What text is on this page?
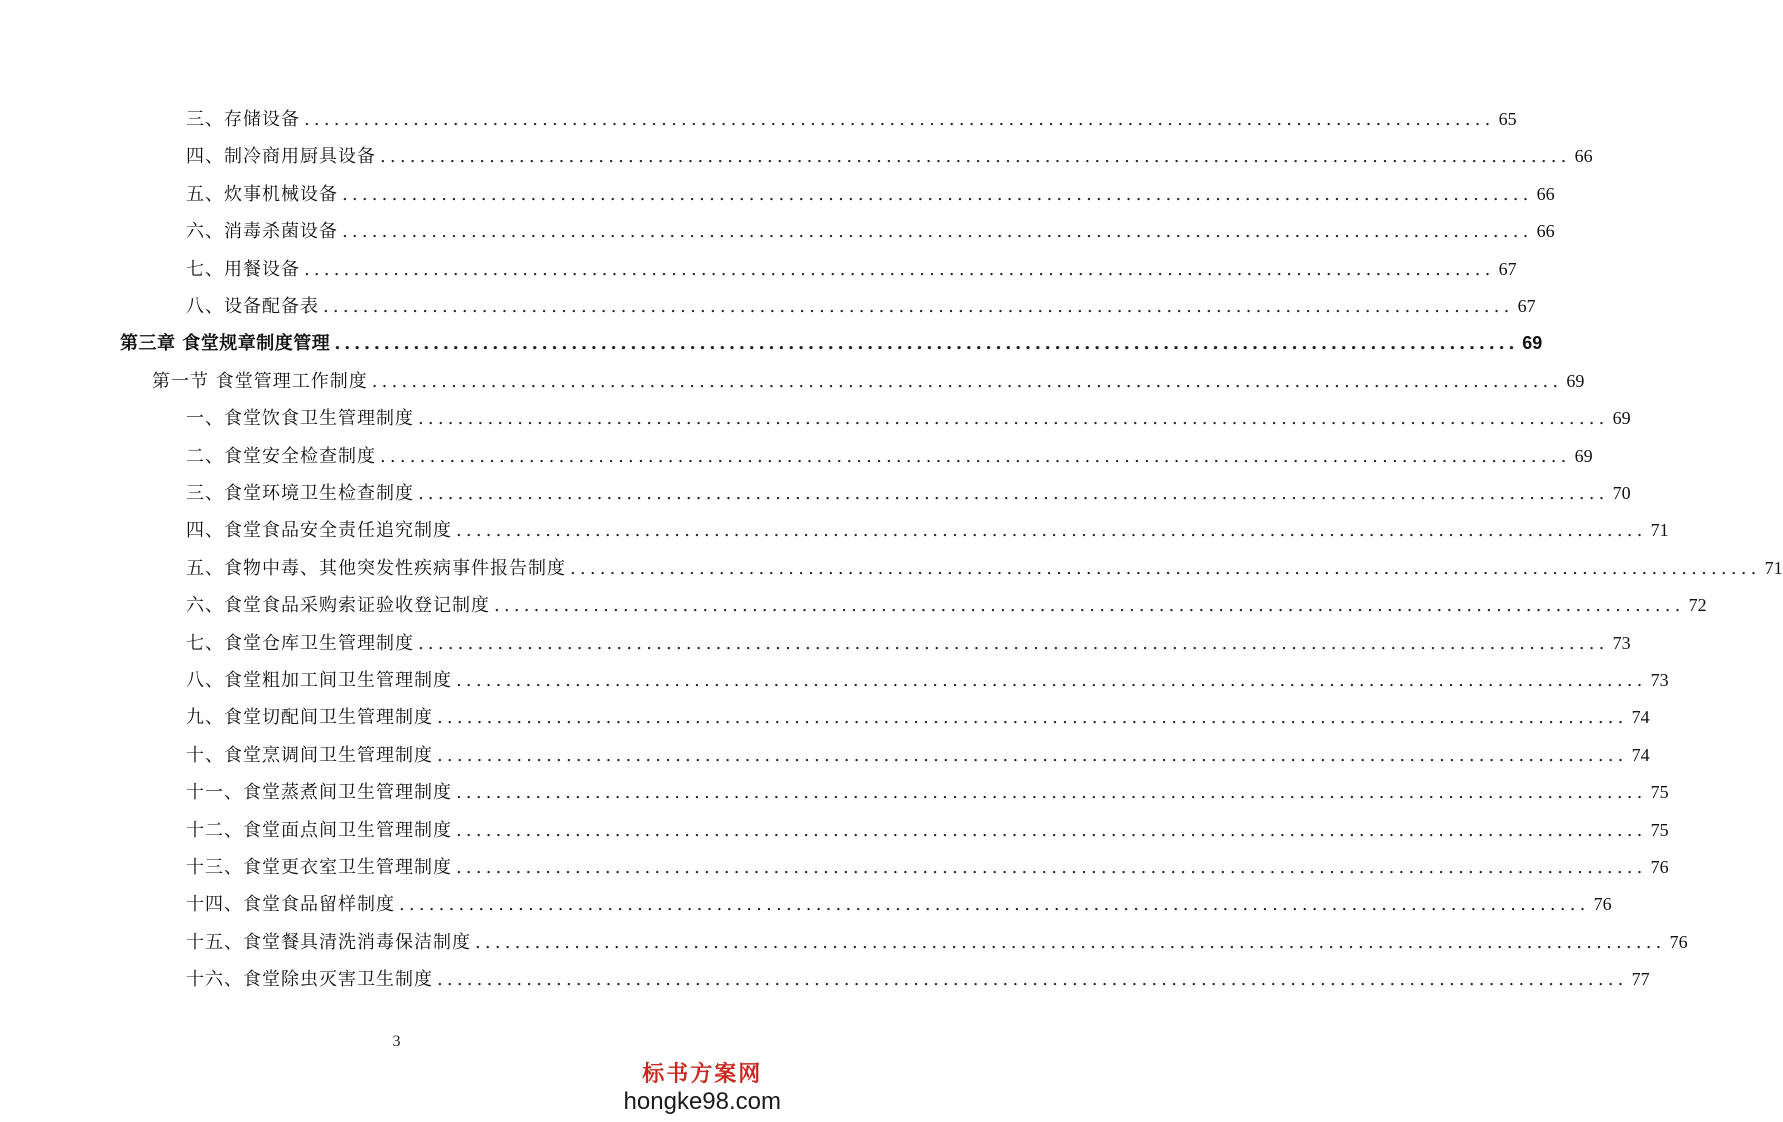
三、存储设备 ........................................................................................................................ 65
四、制冷商用厨具设备 ........................................................................................................................ 66
五、炊事机械设备 ........................................................................................................................ 66
六、消毒杀菌设备 ........................................................................................................................ 66
七、用餐设备 ........................................................................................................................ 67
八、设备配备表 ........................................................................................................................ 67
第三章 食堂规章制度管理 ........................................................................................................................ 69
第一节 食堂管理工作制度 ........................................................................................................................ 69
一、食堂饮食卫生管理制度 ........................................................................................................................ 69
二、食堂安全检查制度 ........................................................................................................................ 69
三、食堂环境卫生检查制度 ........................................................................................................................ 70
四、食堂食品安全责任追究制度 ........................................................................................................................ 71
五、食物中毒、其他突发性疾病事件报告制度 ........................................................................................................................ 71
六、食堂食品采购索证验收登记制度 ........................................................................................................................ 72
七、食堂仓库卫生管理制度 ........................................................................................................................ 73
八、食堂粗加工间卫生管理制度 ........................................................................................................................ 73
九、食堂切配间卫生管理制度 ........................................................................................................................ 74
十、食堂烹调间卫生管理制度 ........................................................................................................................ 74
十一、食堂蒸煮间卫生管理制度 ........................................................................................................................ 75
十二、食堂面点间卫生管理制度 ........................................................................................................................ 75
十三、食堂更衣室卫生管理制度 ........................................................................................................................ 76
十四、食堂食品留样制度 ........................................................................................................................ 76
十五、食堂餐具清洗消毒保洁制度 ........................................................................................................................ 76
十六、食堂除虫灭害卫生制度 ........................................................................................................................ 77
3
标书方案网
hongke98.com
